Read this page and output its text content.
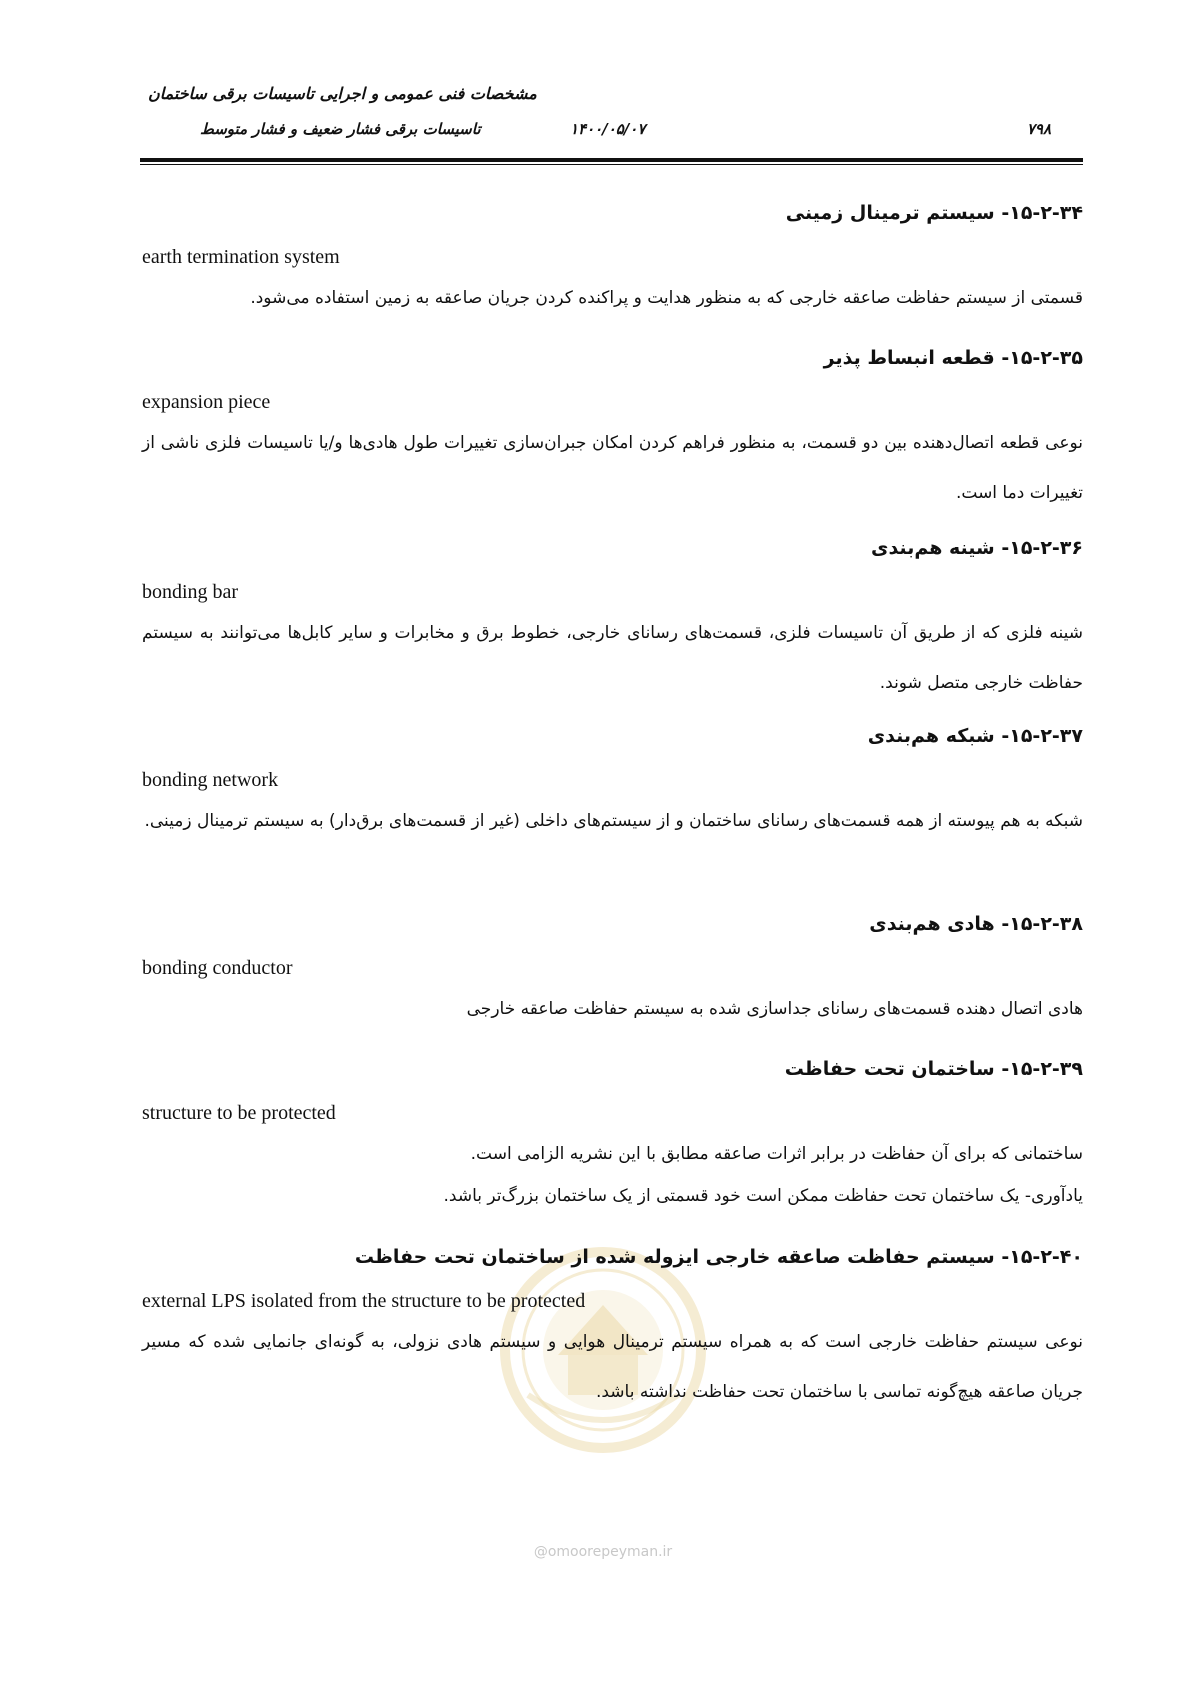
مشخصات فنی عمومی و اجرایی تاسیسات برقی ساختمان
تاسیسات برقی فشار ضعیف و فشار متوسط	۱۴۰۰/۰۵/۰۷	۷۹۸
@omoorepeyman.ir
۱۵-۲-۳۴- سیستم ترمینال زمینی
earth termination system
قسمتی از سیستم حفاظت صاعقه خارجی که به منظور هدایت و پراکنده کردن جریان صاعقه به زمین استفاده می‌شود.
۱۵-۲-۳۵- قطعه انبساط پذیر
expansion piece
نوعی قطعه اتصال‌دهنده بین دو قسمت، به منظور فراهم کردن امکان جبران‌سازی تغییرات طول هادی‌ها و/یا تاسیسات فلزی ناشی از تغییرات دما است.
۱۵-۲-۳۶- شینه هم‌بندی
bonding bar
شینه فلزی که از طریق آن تاسیسات فلزی، قسمت‌های رسانای خارجی، خطوط برق و مخابرات و سایر کابل‌ها می‌توانند به سیستم حفاظت خارجی متصل شوند.
۱۵-۲-۳۷- شبکه هم‌بندی
bonding network
شبکه به هم پیوسته از همه قسمت‌های رسانای ساختمان و از سیستم‌های داخلی (غیر از قسمت‌های برق‌دار) به سیستم ترمینال زمینی.
۱۵-۲-۳۸- هادی هم‌بندی
bonding conductor
هادی اتصال دهنده قسمت‌های رسانای جداسازی شده به سیستم حفاظت صاعقه خارجی
۱۵-۲-۳۹- ساختمان تحت حفاظت
structure to be protected
ساختمانی که برای آن حفاظت در برابر اثرات صاعقه مطابق با این نشریه الزامی است.
یادآوری- یک ساختمان تحت حفاظت ممکن است خود قسمتی از یک ساختمان بزرگ‌تر باشد.
۱۵-۲-۴۰- سیستم حفاظت صاعقه خارجی ایزوله شده از ساختمان تحت حفاظت
external LPS isolated from the structure to be protected
نوعی سیستم حفاظت خارجی است که به همراه سیستم ترمینال هوایی و سیستم هادی نزولی، به گونه‌ای جانمایی شده که مسیر جریان صاعقه هیچ‌گونه تماسی با ساختمان تحت حفاظت نداشته باشد.
